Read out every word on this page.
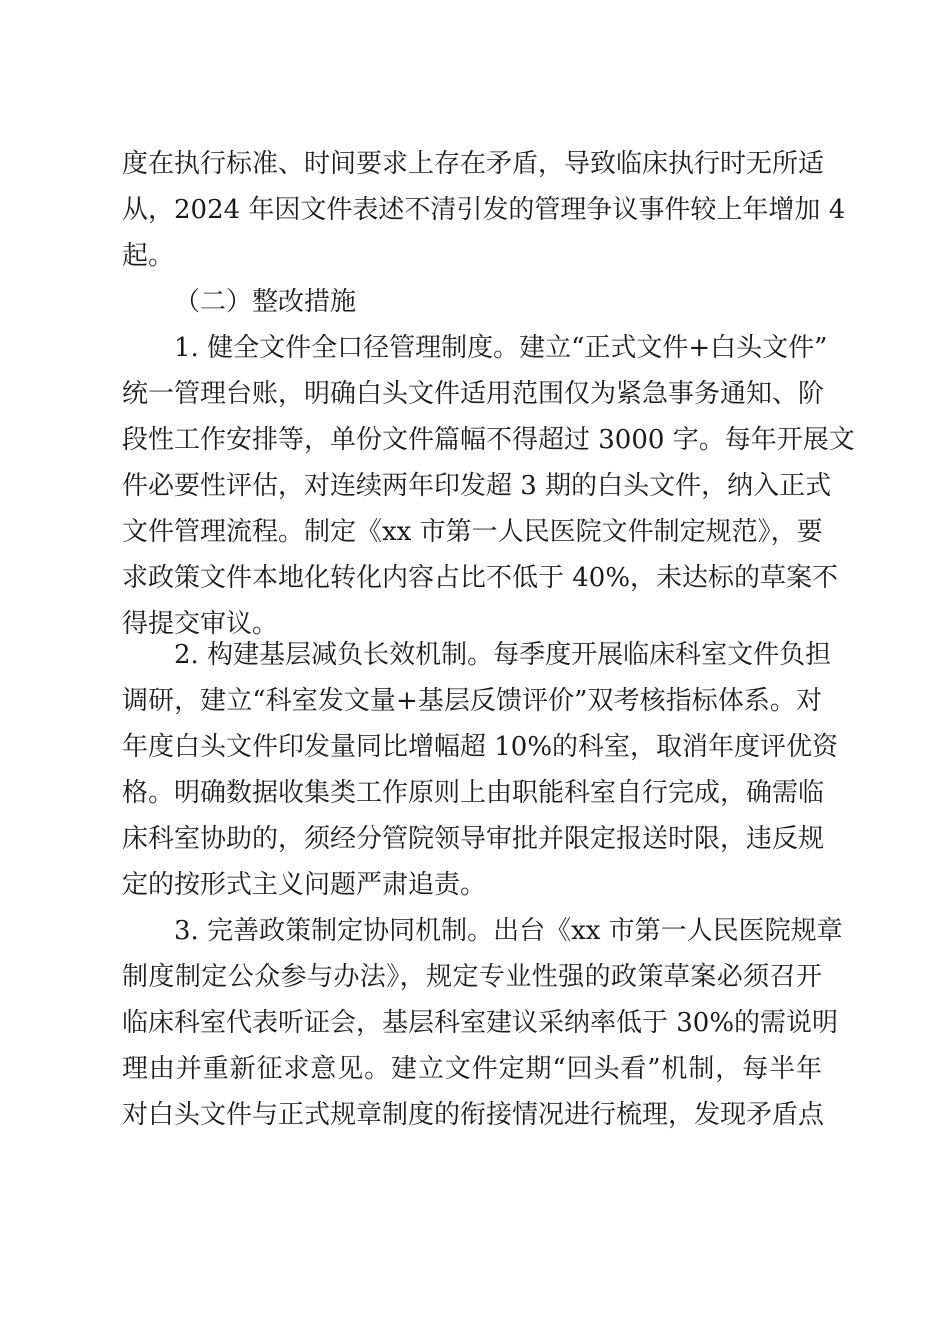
度在执行标准、时间要求上存在矛盾，导致临床执行时无所适
从，2024 年因文件表述不清引发的管理争议事件较上年增加 4
起。
（二）整改措施
1. 健全文件全口径管理制度。建立“正式文件+白头文件”
统一管理台账，明确白头文件适用范围仅为紧急事务通知、阶
段性工作安排等，单份文件篇幅不得超过 3000 字。每年开展文
件必要性评估，对连续两年印发超 3 期的白头文件，纳入正式
文件管理流程。制定《xx 市第一人民医院文件制定规范》，要
求政策文件本地化转化内容占比不低于 40%，未达标的草案不
得提交审议。
2. 构建基层减负长效机制。每季度开展临床科室文件负担
调研，建立“科室发文量+基层反馈评价”双考核指标体系。对
年度白头文件印发量同比增幅超 10%的科室，取消年度评优资
格。明确数据收集类工作原则上由职能科室自行完成，确需临
床科室协助的，须经分管院领导审批并限定报送时限，违反规
定的按形式主义问题严肃追责。
3. 完善政策制定协同机制。出台《xx 市第一人民医院规章
制度制定公众参与办法》，规定专业性强的政策草案必须召开
临床科室代表听证会，基层科室建议采纳率低于 30%的需说明
理由并重新征求意见。建立文件定期“回头看”机制，每半年
对白头文件与正式规章制度的衔接情况进行梳理，发现矛盾点
